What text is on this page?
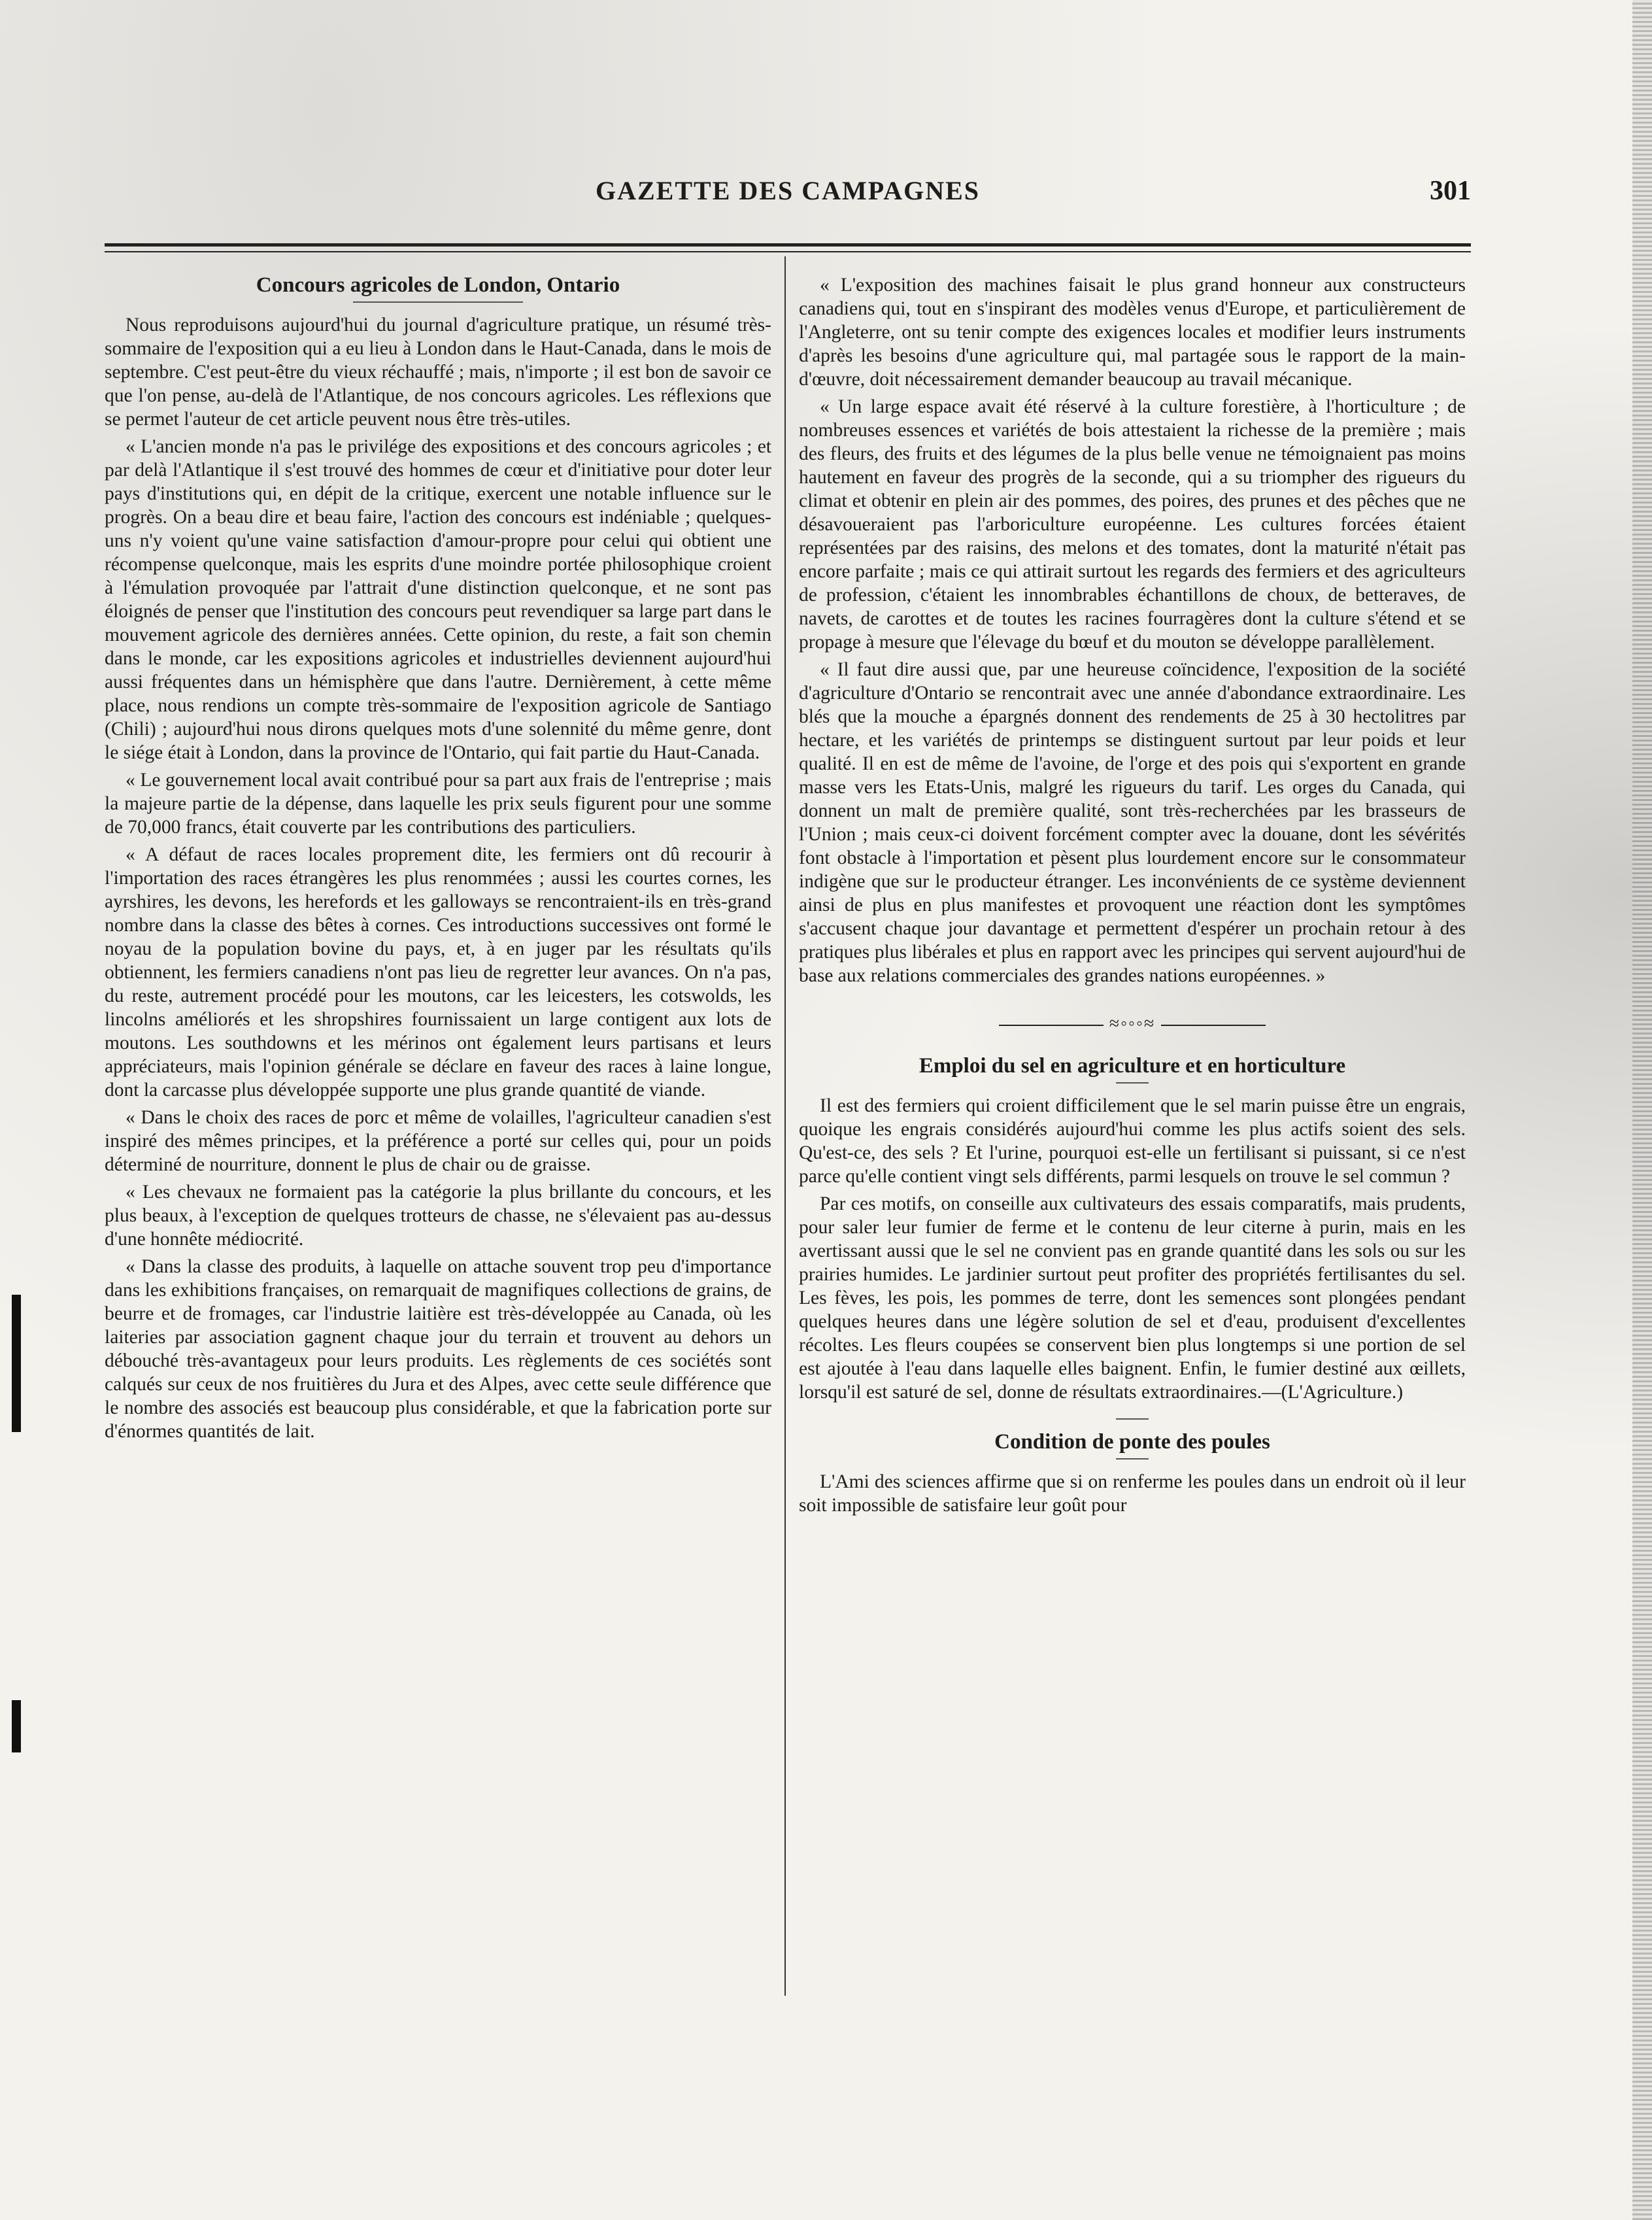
GAZETTE DES CAMPAGNES	301
Concours agricoles de London, Ontario

Nous reproduisons aujourd'hui du journal d'agriculture pratique, un résumé très-sommaire de l'exposition qui a eu lieu à London dans le Haut-Canada, dans le mois de septembre. C'est peut-être du vieux réchauffé ; mais, n'importe ; il est bon de savoir ce que l'on pense, au-delà de l'Atlantique, de nos concours agricoles. Les réflexions que se permet l'auteur de cet article peuvent nous être très-utiles.

« L'ancien monde n'a pas le privilége des expositions et des concours agricoles ; et par delà l'Atlantique il s'est trouvé des hommes de cœur et d'initiative pour doter leur pays d'institutions qui, en dépit de la critique, exercent une notable influence sur le progrès. On a beau dire et beau faire, l'action des concours est indéniable ; quelques-uns n'y voient qu'une vaine satisfaction d'amour-propre pour celui qui obtient une récompense quelconque, mais les esprits d'une moindre portée philosophique croient à l'émulation provoquée par l'attrait d'une distinction quelconque, et ne sont pas éloignés de penser que l'institution des concours peut revendiquer sa large part dans le mouvement agricole des dernières années. Cette opinion, du reste, a fait son chemin dans le monde, car les expositions agricoles et industrielles deviennent aujourd'hui aussi fréquentes dans un hémisphère que dans l'autre. Dernièrement, à cette même place, nous rendions un compte très-sommaire de l'exposition agricole de Santiago (Chili) ; aujourd'hui nous dirons quelques mots d'une solennité du même genre, dont le siége était à London, dans la province de l'Ontario, qui fait partie du Haut-Canada.

« Le gouvernement local avait contribué pour sa part aux frais de l'entreprise ; mais la majeure partie de la dépense, dans laquelle les prix seuls figurent pour une somme de 70,000 francs, était couverte par les contributions des particuliers.

« A défaut de races locales proprement dite, les fermiers ont dû recourir à l'importation des races étrangères les plus renommées ; aussi les courtes cornes, les ayrshires, les devons, les herefords et les galloways se rencontraient-ils en très-grand nombre dans la classe des bêtes à cornes. Ces introductions successives ont formé le noyau de la population bovine du pays, et, à en juger par les résultats qu'ils obtiennent, les fermiers canadiens n'ont pas lieu de regretter leur avances. On n'a pas, du reste, autrement procédé pour les moutons, car les leicesters, les cotswolds, les lincolns améliorés et les shropshires fournissaient un large contigent aux lots de moutons. Les southdowns et les mérinos ont également leurs partisans et leurs appréciateurs, mais l'opinion générale se déclare en faveur des races à laine longue, dont la carcasse plus développée supporte une plus grande quantité de viande.

« Dans le choix des races de porc et même de volailles, l'agriculteur canadien s'est inspiré des mêmes principes, et la préférence a porté sur celles qui, pour un poids déterminé de nourriture, donnent le plus de chair ou de graisse.

« Les chevaux ne formaient pas la catégorie la plus brillante du concours, et les plus beaux, à l'exception de quelques trotteurs de chasse, ne s'élevaient pas au-dessus d'une honnête médiocrité.

« Dans la classe des produits, à laquelle on attache souvent trop peu d'importance dans les exhibitions françaises, on remarquait de magnifiques collections de grains, de beurre et de fromages, car l'industrie laitière est très-développée au Canada, où les laiteries par association gagnent chaque jour du terrain et trouvent au dehors un débouché très-avantageux pour leurs produits. Les règlements de ces sociétés sont calqués sur ceux de nos fruitières du Jura et des Alpes, avec cette seule différence que le nombre des associés est beaucoup plus considérable, et que la fabrication porte sur d'énormes quantités de lait.

« L'exposition des machines faisait le plus grand honneur aux constructeurs canadiens qui, tout en s'inspirant des modèles venus d'Europe, et particulièrement de l'Angleterre, ont su tenir compte des exigences locales et modifier leurs instruments d'après les besoins d'une agriculture qui, mal partagée sous le rapport de la main-d'œuvre, doit nécessairement demander beaucoup au travail mécanique.

« Un large espace avait été réservé à la culture forestière, à l'horticulture ; de nombreuses essences et variétés de bois attestaient la richesse de la première ; mais des fleurs, des fruits et des légumes de la plus belle venue ne témoignaient pas moins hautement en faveur des progrès de la seconde, qui a su triompher des rigueurs du climat et obtenir en plein air des pommes, des poires, des prunes et des pêches que ne désavoueraient pas l'arboriculture européenne. Les cultures forcées étaient représentées par des raisins, des melons et des tomates, dont la maturité n'était pas encore parfaite ; mais ce qui attirait surtout les regards des fermiers et des agriculteurs de profession, c'étaient les innombrables échantillons de choux, de betteraves, de navets, de carottes et de toutes les racines fourragères dont la culture s'étend et se propage à mesure que l'élevage du bœuf et du mouton se développe parallèlement.

« Il faut dire aussi que, par une heureuse coïncidence, l'exposition de la société d'agriculture d'Ontario se rencontrait avec une année d'abondance extraordinaire. Les blés que la mouche a épargnés donnent des rendements de 25 à 30 hectolitres par hectare, et les variétés de printemps se distinguent surtout par leur poids et leur qualité. Il en est de même de l'avoine, de l'orge et des pois qui s'exportent en grande masse vers les Etats-Unis, malgré les rigueurs du tarif. Les orges du Canada, qui donnent un malt de première qualité, sont très-recherchées par les brasseurs de l'Union ; mais ceux-ci doivent forcément compter avec la douane, dont les sévérités font obstacle à l'importation et pèsent plus lourdement encore sur le consommateur indigène que sur le producteur étranger. Les inconvénients de ce système deviennent ainsi de plus en plus manifestes et provoquent une réaction dont les symptômes s'accusent chaque jour davantage et permettent d'espérer un prochain retour à des pratiques plus libérales et plus en rapport avec les principes qui servent aujourd'hui de base aux relations commerciales des grandes nations européennes. »

≈◦◦◦≈
Emploi du sel en agriculture et en horticulture

Il est des fermiers qui croient difficilement que le sel marin puisse être un engrais, quoique les engrais considérés aujourd'hui comme les plus actifs soient des sels. Qu'est-ce, des sels ? Et l'urine, pourquoi est-elle un fertilisant si puissant, si ce n'est parce qu'elle contient vingt sels différents, parmi lesquels on trouve le sel commun ?

Par ces motifs, on conseille aux cultivateurs des essais comparatifs, mais prudents, pour saler leur fumier de ferme et le contenu de leur citerne à purin, mais en les avertissant aussi que le sel ne convient pas en grande quantité dans les sols ou sur les prairies humides. Le jardinier surtout peut profiter des propriétés fertilisantes du sel. Les fèves, les pois, les pommes de terre, dont les semences sont plongées pendant quelques heures dans une légère solution de sel et d'eau, produisent d'excellentes récoltes. Les fleurs coupées se conservent bien plus longtemps si une portion de sel est ajoutée à l'eau dans laquelle elles baignent. Enfin, le fumier destiné aux œillets, lorsqu'il est saturé de sel, donne de résultats extraordinaires.—(L'Agriculture.)

Condition de ponte des poules

L'Ami des sciences affirme que si on renferme les poules dans un endroit où il leur soit impossible de satisfaire leur goût pour
